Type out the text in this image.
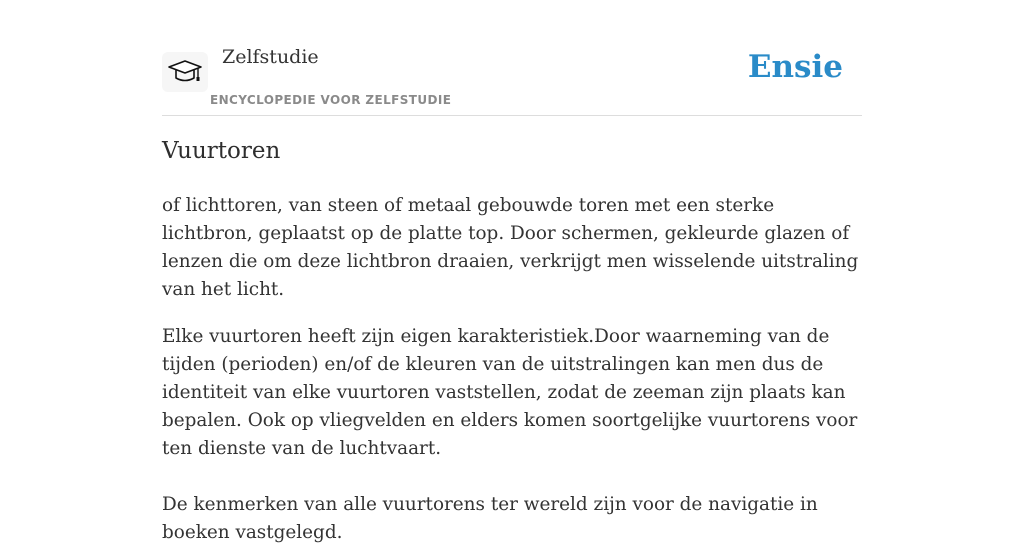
Zelfstudie
ENCYCLOPEDIE VOOR ZELFSTUDIE
Ensie
Vuurtoren

of lichttoren, van steen of metaal gebouwde toren met een sterke lichtbron, geplaatst op de platte top. Door schermen, gekleurde glazen of lenzen die om deze lichtbron draaien, verkrijgt men wisselende uitstraling van het licht.

Elke vuurtoren heeft zijn eigen karakteristiek.Door waarneming van de tijden (perioden) en/of de kleuren van de uitstralingen kan men dus de identiteit van elke vuurtoren vaststellen, zodat de zeeman zijn plaats kan bepalen. Ook op vliegvelden en elders komen soortgelijke vuurtorens voor ten dienste van de luchtvaart.

De kenmerken van alle vuurtorens ter wereld zijn voor de navigatie in boeken vastgelegd.
